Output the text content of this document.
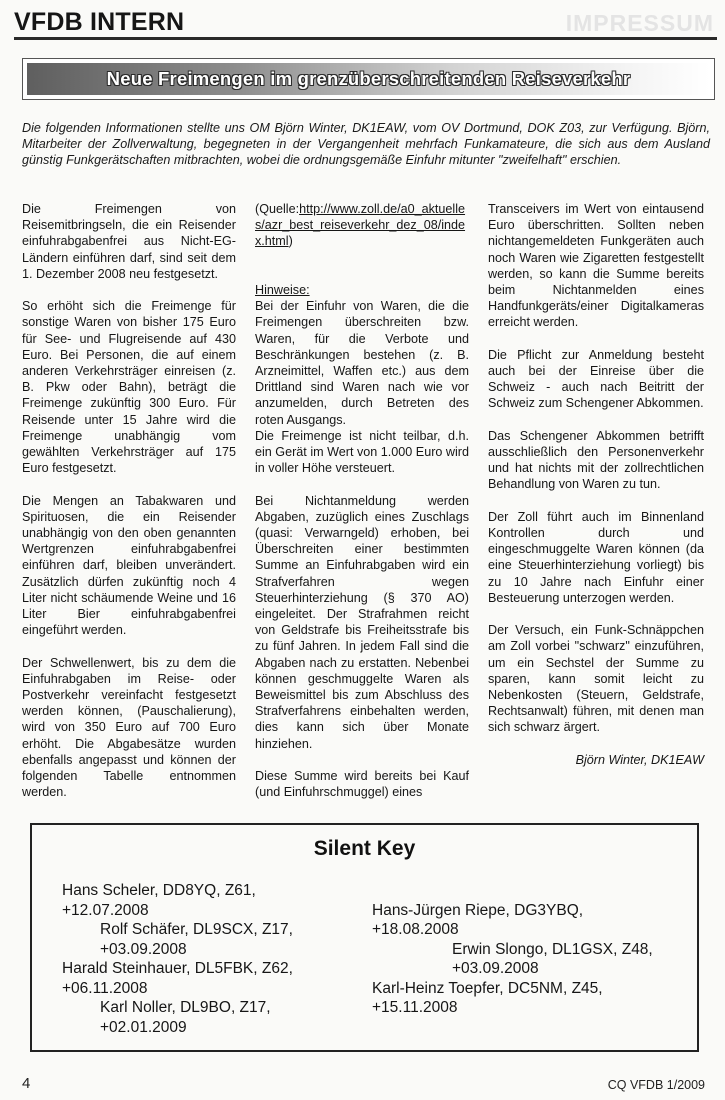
VFDB INTERN	IMPRESSUM
Neue Freimengen im grenzüberschreitenden Reiseverkehr

Die folgenden Informationen stellte uns OM Björn Winter, DK1EAW, vom OV Dortmund, DOK Z03, zur Verfügung. Björn, Mitarbeiter der Zollverwaltung, begegneten in der Vergangenheit mehrfach Funkamateure, die sich aus dem Ausland günstig Funkgerätschaften mitbrachten, wobei die ordnungsgemäße Einfuhr mitunter "zweifelhaft" erschien.

Die Freimengen von Reisemitbringseln, die ein Reisender einfuhrabgabenfrei aus Nicht-EG-Ländern einführen darf, sind seit dem 1. Dezember 2008 neu festgesetzt.

So erhöht sich die Freimenge für sonstige Waren von bisher 175 Euro für See- und Flugreisende auf 430 Euro. Bei Personen, die auf einem anderen Verkehrsträger einreisen (z. B. Pkw oder Bahn), beträgt die Freimenge zukünftig 300 Euro. Für Reisende unter 15 Jahre wird die Freimenge unabhängig vom gewählten Verkehrsträger auf 175 Euro festgesetzt.

Die Mengen an Tabakwaren und Spirituosen, die ein Reisender unabhängig von den oben genannten Wertgrenzen einfuhrabgabenfrei einführen darf, bleiben unverändert. Zusätzlich dürfen zukünftig noch 4 Liter nicht schäumende Weine und 16 Liter Bier einfuhrabgabenfrei eingeführt werden.

Der Schwellenwert, bis zu dem die Einfuhrabgaben im Reise- oder Postverkehr vereinfacht festgesetzt werden können, (Pauschalierung), wird von 350 Euro auf 700 Euro erhöht. Die Abgabesätze wurden ebenfalls angepasst und können der folgenden Tabelle entnommen werden.

(Quelle:http://www.zoll.de/a0_aktuelles/azr_best_reiseverkehr_dez_08/index.html)

Hinweise:

Bei der Einfuhr von Waren, die die Freimengen überschreiten bzw. Waren, für die Verbote und Beschränkungen bestehen (z. B. Arzneimittel, Waffen etc.) aus dem Drittland sind Waren nach wie vor anzumelden, durch Betreten des roten Ausgangs.

Die Freimenge ist nicht teilbar, d.h. ein Gerät im Wert von 1.000 Euro wird in voller Höhe versteuert.

Bei Nichtanmeldung werden Abgaben, zuzüglich eines Zuschlags (quasi: Verwarngeld) erhoben, bei Überschreiten einer bestimmten Summe an Einfuhrabgaben wird ein Strafverfahren wegen Steuerhinterziehung (§ 370 AO) eingeleitet. Der Strafrahmen reicht von Geldstrafe bis Freiheitsstrafe bis zu fünf Jahren. In jedem Fall sind die Abgaben nach zu erstatten. Nebenbei können geschmuggelte Waren als Beweismittel bis zum Abschluss des Strafverfahrens einbehalten werden, dies kann sich über Monate hinziehen.

Diese Summe wird bereits bei Kauf (und Einfuhrschmuggel) eines

Transceivers im Wert von eintausend Euro überschritten. Sollten neben nichtangemeldeten Funkgeräten auch noch Waren wie Zigaretten festgestellt werden, so kann die Summe bereits beim Nichtanmelden eines Handfunkgeräts/einer Digitalkameras erreicht werden.

Die Pflicht zur Anmeldung besteht auch bei der Einreise über die Schweiz - auch nach Beitritt der Schweiz zum Schengener Abkommen.

Das Schengener Abkommen betrifft ausschließlich den Personenverkehr und hat nichts mit der zollrechtlichen Behandlung von Waren zu tun.

Der Zoll führt auch im Binnenland Kontrollen durch und eingeschmuggelte Waren können (da eine Steuerhinterziehung vorliegt) bis zu 10 Jahre nach Einfuhr einer Besteuerung unterzogen werden.

Der Versuch, ein Funk-Schnäppchen am Zoll vorbei "schwarz" einzuführen, um ein Sechstel der Summe zu sparen, kann somit leicht zu Nebenkosten (Steuern, Geldstrafe, Rechtsanwalt) führen, mit denen man sich schwarz ärgert.

Björn Winter, DK1EAW

Silent Key
Hans Scheler, DD8YQ, Z61,
+12.07.2008
Rolf Schäfer, DL9SCX, Z17,
+03.09.2008
Harald Steinhauer, DL5FBK, Z62,
+06.11.2008
Karl Noller, DL9BO, Z17,
+02.01.2009
Hans-Jürgen Riepe, DG3YBQ,
+18.08.2008
Erwin Slongo, DL1GSX, Z48,
+03.09.2008
Karl-Heinz Toepfer, DC5NM, Z45,
+15.11.2008
4	CQ VFDB 1/2009
